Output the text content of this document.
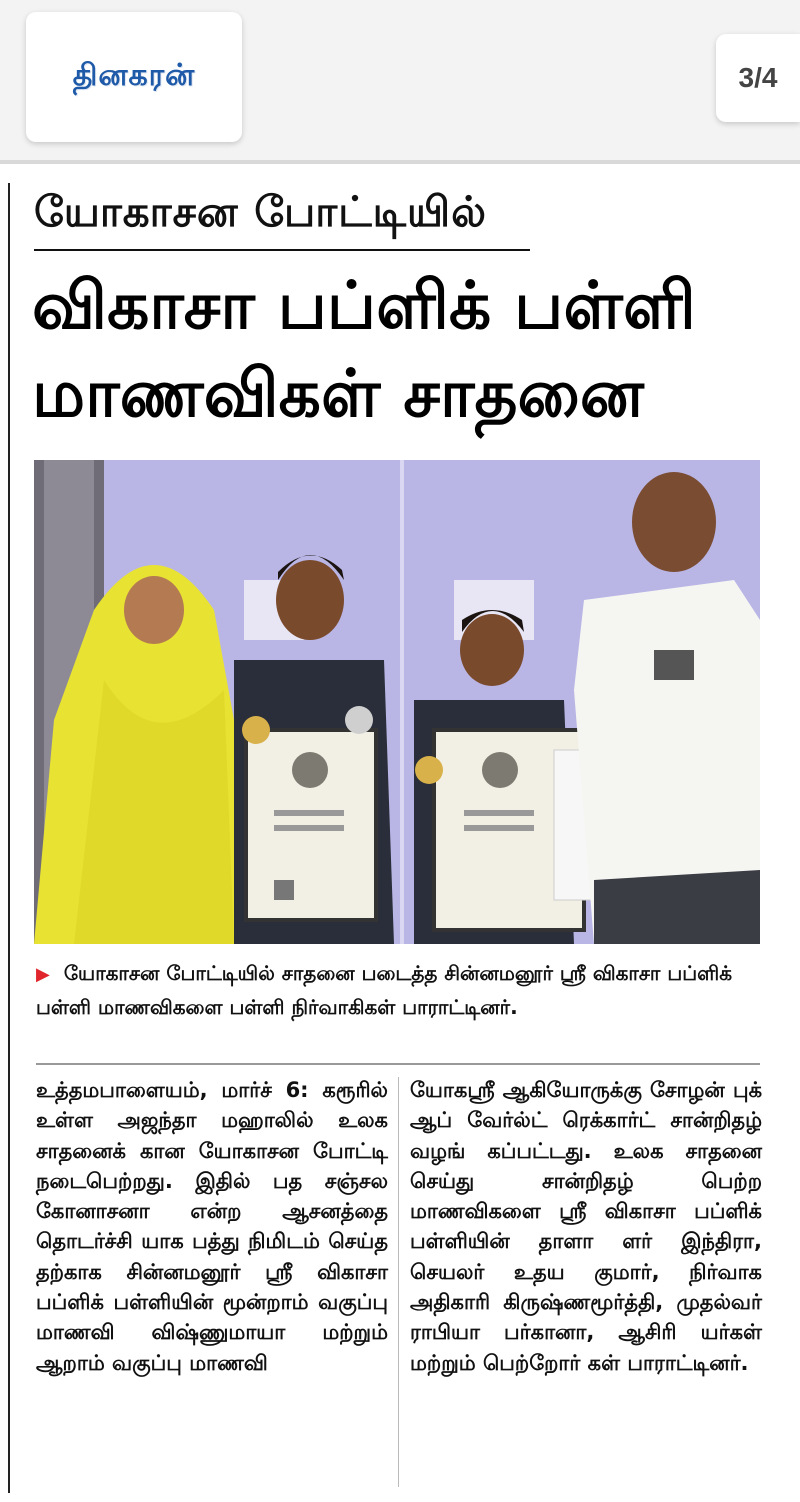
தினகரன்	3/4
யோகாசன போட்டியில்
விகாசா பப்ளிக் பள்ளி
மாணவிகள் சாதனை
▶ யோகாசன போட்டியில் சாதனை படைத்த சின்னமனூர் ஸ்ரீ விகாசா பப்ளிக் பள்ளி மாணவிகளை பள்ளி நிர்வாகிகள் பாராட்டினர்.

உத்தமபாளையம், மார்ச் 6: கரூரில் உள்ள அஜந்தா மஹாலில் உலக சாதனைக் கான யோகாசன போட்டி நடைபெற்றது. இதில் பத சஞ்சல கோனாசனா என்ற ஆசனத்தை தொடர்ச்சி யாக பத்து நிமிடம் செய்த தற்காக சின்னமனூர் ஸ்ரீ விகாசா பப்ளிக் பள்ளியின் மூன்றாம் வகுப்பு மாணவி விஷ்ணுமாயா மற்றும் ஆறாம் வகுப்பு மாணவி

யோகஸ்ரீ ஆகியோருக்கு சோழன் புக் ஆப் வேர்ல்ட் ரெக்கார்ட் சான்றிதழ் வழங் கப்பட்டது. உலக சாதனை செய்து சான்றிதழ் பெற்ற மாணவிகளை ஸ்ரீ விகாசா பப்ளிக் பள்ளியின் தாளா ளர் இந்திரா, செயலர் உதய குமார், நிர்வாக அதிகாரி கிருஷ்ணமூர்த்தி, முதல்வர் ராபியா பர்கானா, ஆசிரி யர்கள் மற்றும் பெற்றோர் கள் பாராட்டினர்.
